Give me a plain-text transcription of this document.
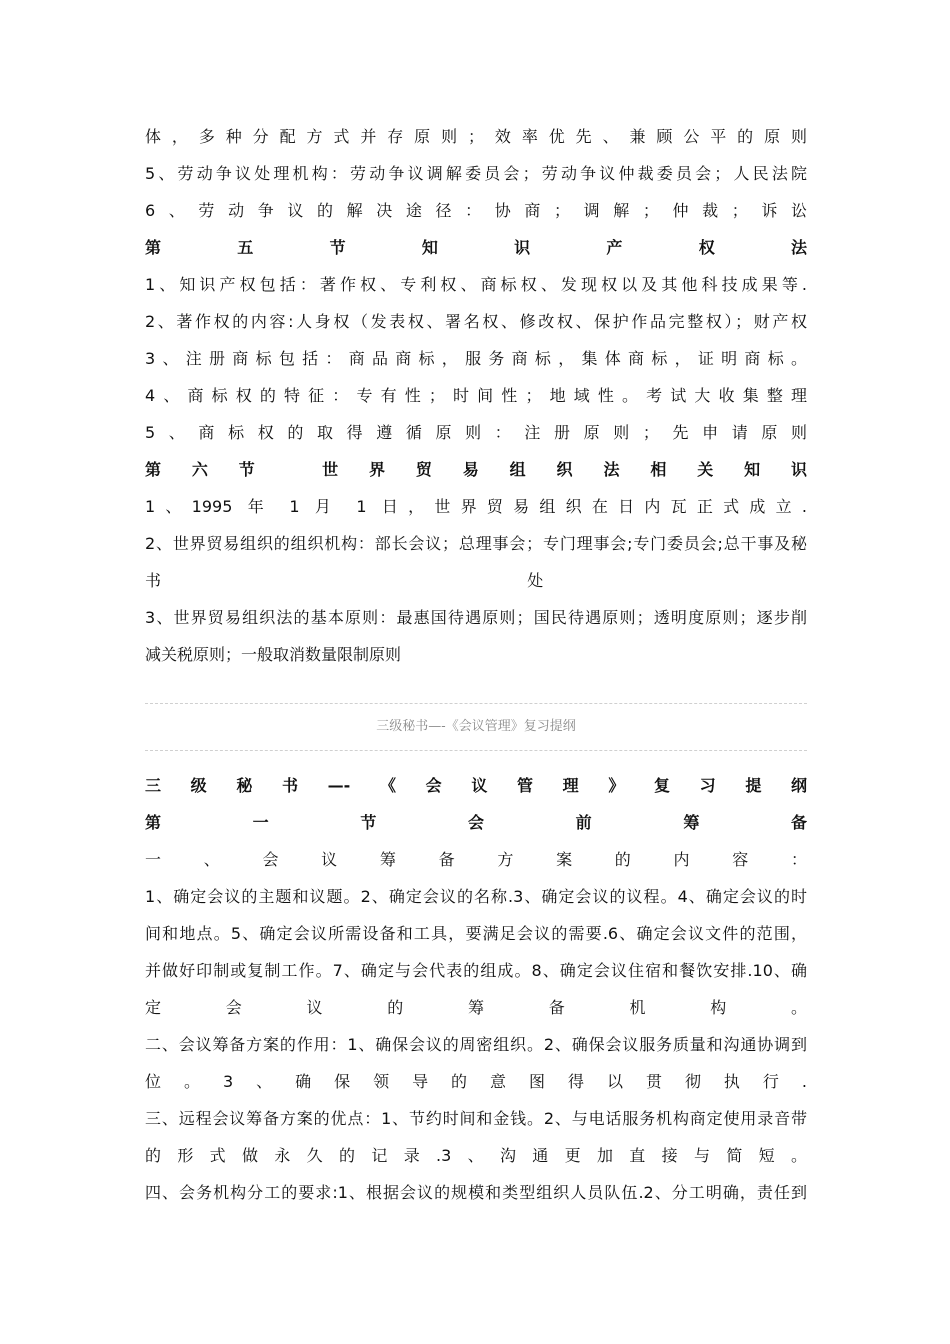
体，多种分配方式并存原则；效率优先、兼顾公平的原则
5、劳动争议处理机构：劳动争议调解委员会；劳动争议仲裁委员会；人民法院
6、劳动争议的解决途径：协商；调解；仲裁；诉讼
第五节知识产权法
1、知识产权包括：著作权、专利权、商标权、发现权以及其他科技成果等.
2、著作权的内容:人身权（发表权、署名权、修改权、保护作品完整权）；财产权
3、注册商标包括：商品商标，服务商标，集体商标，证明商标。
4、商标权的特征：专有性；时间性；地域性。考试大收集整理
5、商标权的取得遵循原则：注册原则；先申请原则
第六节 世界贸易组织法相关知识
1、1995 年 1 月 1 日，世界贸易组织在日内瓦正式成立.
2、世界贸易组织的组织机构：部长会议；总理事会；专门理事会;专门委员会;总干事及秘
书                                                                        处
3、世界贸易组织法的基本原则：最惠国待遇原则；国民待遇原则；透明度原则；逐步削
减关税原则；一般取消数量限制原则
三级秘书—-《会议管理》复习提纲
三级秘书—-《会议管理》复习提纲
第一节会前筹备
一、会议筹备方案的内容：
1、确定会议的主题和议题。2、确定会议的名称.3、确定会议的议程。4、确定会议的时
间和地点。5、确定会议所需设备和工具，要满足会议的需要.6、确定会议文件的范围，
并做好印制或复制工作。7、确定与会代表的组成。8、确定会议住宿和餐饮安排.10、确
定会议的筹备机构。
二、会议筹备方案的作用：1、确保会议的周密组织。2、确保会议服务质量和沟通协调到
位。3、确保领导的意图得以贯彻执行.
三、远程会议筹备方案的优点：1、节约时间和金钱。2、与电话服务机构商定使用录音带
的形式做永久的记录.3、沟通更加直接与简短。
四、会务机构分工的要求:1、根据会议的规模和类型组织人员队伍.2、分工明确，责任到
